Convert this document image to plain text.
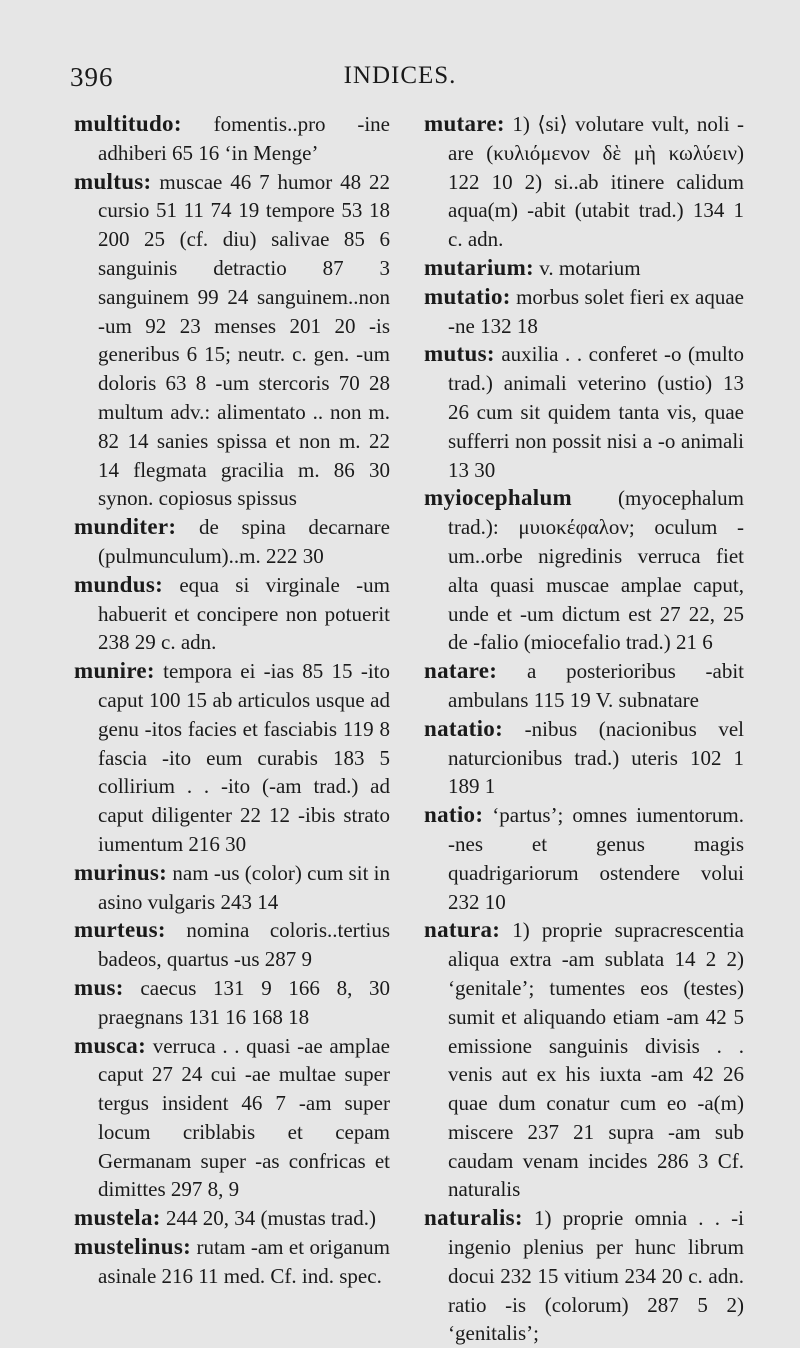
396	INDICES.

multitudo: fomentis..pro -ine adhiberi 65 16 ʻin Mengeʼ

multus: muscae 46 7 humor 48 22 cursio 51 11 74 19 tempore 53 18 200 25 (cf. diu) salivae 85 6 sanguinis detractio 87 3 sanguinem 99 24 sanguinem..non -um 92 23 menses 201 20 -is generibus 6 15; neutr. c. gen. -um doloris 63 8 -um stercoris 70 28 multum adv.: alimentato .. non m. 82 14 sanies spissa et non m. 22 14 flegmata gracilia m. 86 30 synon. copiosus spissus

munditer: de spina decarnare (pulmunculum)..m. 222 30

mundus: equa si virginale -um habuerit et concipere non potuerit 238 29 c. adn.

munire: tempora ei -ias 85 15 -ito caput 100 15 ab articulos usque ad genu -itos facies et fasciabis 119 8 fascia -ito eum curabis 183 5 collirium . . -ito (-am trad.) ad caput diligenter 22 12 -ibis strato iumentum 216 30

murinus: nam -us (color) cum sit in asino vulgaris 243 14

murteus: nomina coloris..tertius badeos, quartus -us 287 9

mus: caecus 131 9 166 8, 30 praegnans 131 16 168 18

musca: verruca . . quasi -ae amplae caput 27 24 cui -ae multae super tergus insident 46 7 -am super locum criblabis et cepam Germanam super -as confricas et dimittes 297 8, 9

mustela: 244 20, 34 (mustas trad.)

mustelinus: rutam -am et origanum asinale 216 11 med. Cf. ind. spec.

mutare: 1) ⟨si⟩ volutare vult, noli -are (κυλιόμενον δὲ μὴ κωλύειν) 122 10 2) si..ab itinere calidum aqua(m) -abit (utabit trad.) 134 1 c. adn.

mutarium: v. motarium

mutatio: morbus solet fieri ex aquae -ne 132 18

mutus: auxilia . . conferet -o (multo trad.) animali veterino (ustio) 13 26 cum sit quidem tanta vis, quae sufferri non possit nisi a -o animali 13 30

myiocephalum (myocephalum trad.): μυιοκέφαλον; oculum -um..orbe nigredinis verruca fiet alta quasi muscae amplae caput, unde et -um dictum est 27 22, 25 de -falio (miocefalio trad.) 21 6

natare: a posterioribus -abit ambulans 115 19 V. subnatare

natatio: -nibus (nacionibus vel naturcionibus trad.) uteris 102 1 189 1

natio: ʻpartusʼ; omnes iumentorum. -nes et genus magis quadrigariorum ostendere volui 232 10

natura: 1) proprie supracrescentia aliqua extra -am sublata 14 2 2) ʻgenitaleʼ; tumentes eos (testes) sumit et aliquando etiam -am 42 5 emissione sanguinis divisis . . venis aut ex his iuxta -am 42 26 quae dum conatur cum eo -a(m) miscere 237 21 supra -am sub caudam venam incides 286 3 Cf. naturalis

naturalis: 1) proprie omnia . . -i ingenio plenius per hunc librum docui 232 15 vitium 234 20 c. adn. ratio -is (colorum) 287 5 2) ʻgenitalisʼ;
